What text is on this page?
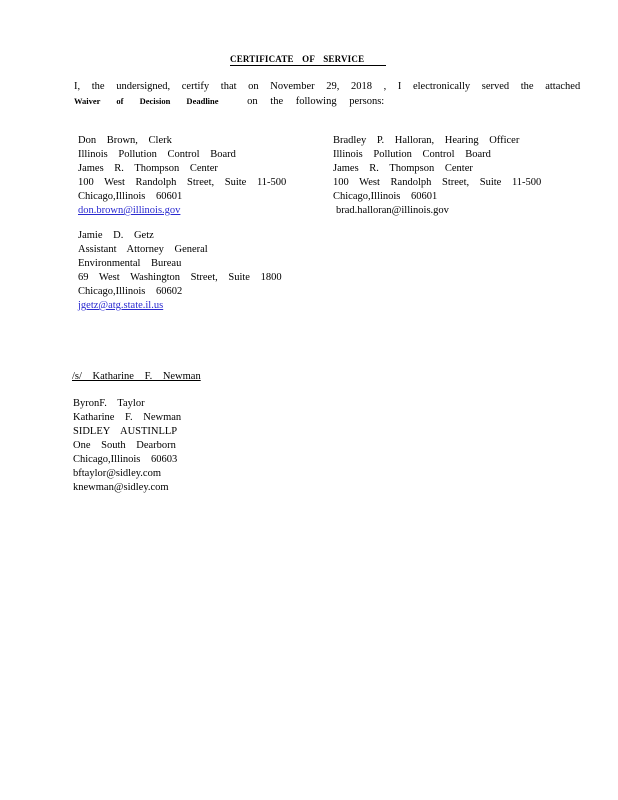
CERTIFICATE OF SERVICE
I, the undersigned, certify that on November 29, 2018 , I electronically served the attached
Waiver of Decision Deadline	on the following persons:
Don Brown, Clerk
Illinois Pollution Control Board
James R. Thompson Center
100 West Randolph Street, Suite 11-500
Chicago,Illinois 60601
don.brown@illinois.gov
Bradley P. Halloran, Hearing Officer
Illinois Pollution Control Board
James R. Thompson Center
100 West Randolph Street, Suite 11-500
Chicago,Illinois 60601
brad.halloran@illinois.gov
Jamie D. Getz
Assistant Attorney General
Environmental Bureau
69 West Washington Street, Suite 1800
Chicago,Illinois 60602
jgetz@atg.state.il.us
/s/ Katharine F. Newman
ByronF. Taylor
Katharine F. Newman
SIDLEY AUSTINLLP
One South Dearborn
Chicago,Illinois 60603
bftaylor@sidley.com
knewman@sidley.com
